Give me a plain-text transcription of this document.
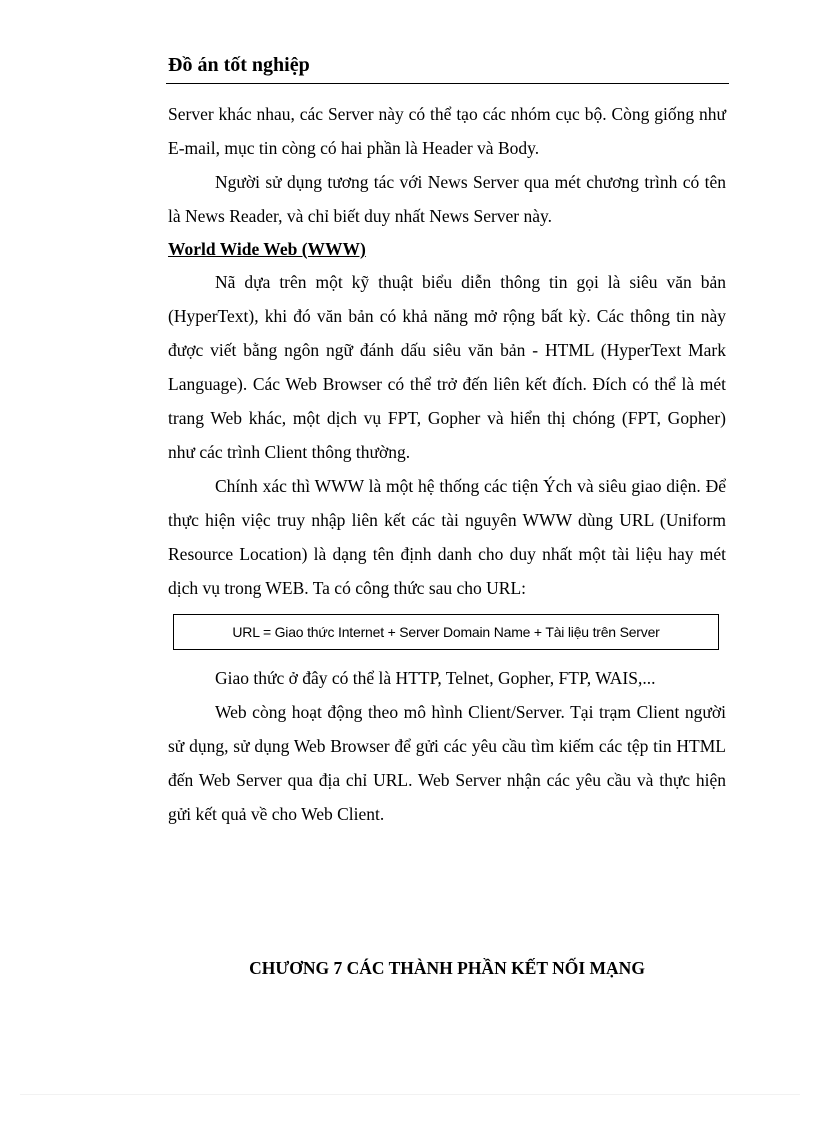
Đồ án tốt nghiệp

Server khác nhau, các Server này có thể tạo các nhóm cục bộ. Còng giống như E-mail, mục tin còng có hai phần là Header và Body.

Người sử dụng tương tác với News Server qua mét chương trình có tên là News Reader, và chỉ biết duy nhất News Server này.

World Wide Web (WWW)

Nã dựa trên một kỹ thuật biểu diễn thông tin gọi là siêu văn bản (HyperText), khi đó văn bản có khả năng mở rộng bất kỳ. Các thông tin này được viết bằng ngôn ngữ đánh dấu siêu văn bản - HTML (HyperText Mark Language). Các Web Browser có thể trở đến liên kết đích. Đích có thể là mét trang Web khác, một dịch vụ FPT, Gopher và hiển thị chóng (FPT, Gopher) như các trình Client thông thường.

Chính xác thì WWW là một hệ thống các tiện Ých và siêu giao diện. Để thực hiện việc truy nhập liên kết các tài nguyên WWW dùng URL (Uniform Resource Location) là dạng tên định danh cho duy nhất một tài liệu hay mét dịch vụ trong WEB. Ta có công thức sau cho URL:

URL = Giao thức Internet + Server Domain Name + Tài liệu trên Server

Giao thức ở đây có thể là HTTP, Telnet, Gopher, FTP, WAIS,...

Web còng hoạt động theo mô hình Client/Server. Tại trạm Client người sử dụng, sử dụng Web Browser để gửi các yêu cầu tìm kiếm các tệp tin HTML đến Web Server qua địa chỉ URL. Web Server nhận các yêu cầu và thực hiện gửi kết quả về cho Web Client.

CHƯƠNG 7 CÁC THÀNH PHẦN KẾT NỐI MẠNG
